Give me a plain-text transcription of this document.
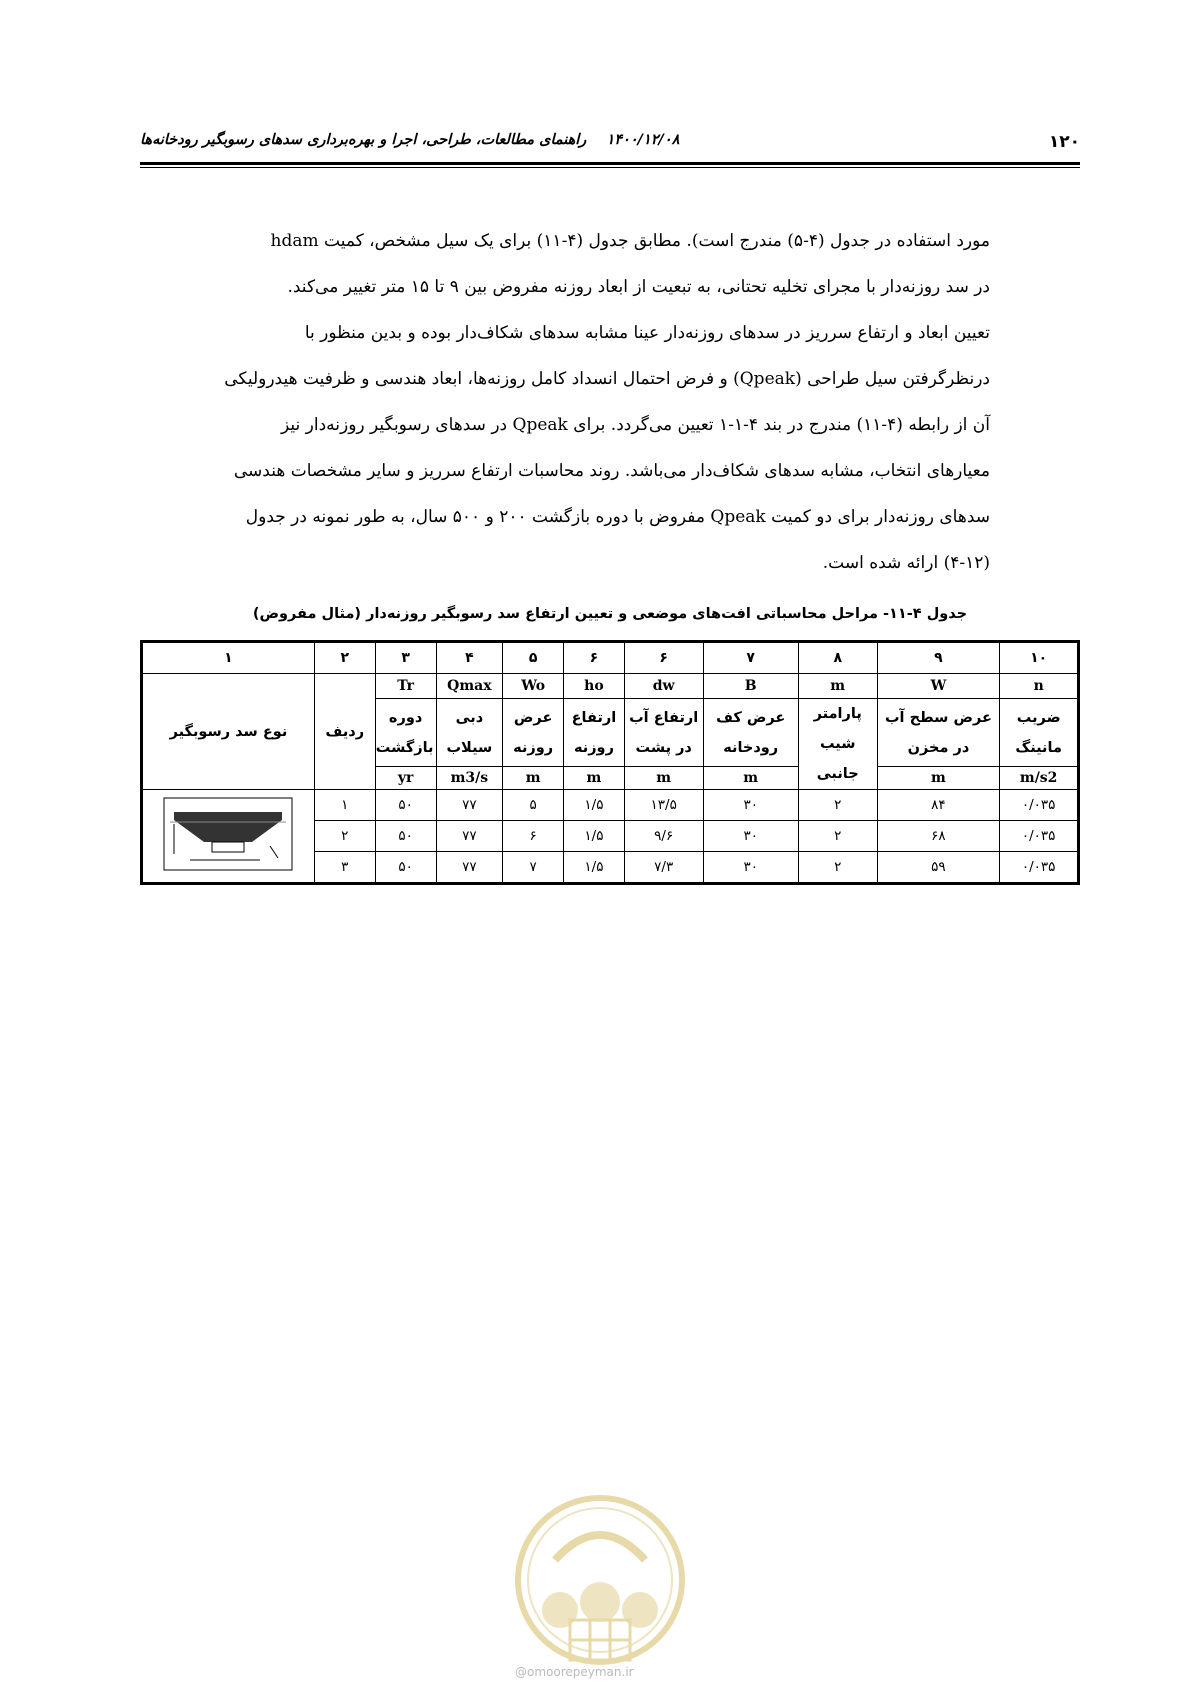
۱۲۰
۱۴۰۰/۱۲/۰۸    راهنمای مطالعات، طراحی، اجرا و بهره‌برداری سدهای رسوبگیر رودخانه‌ها

مورد استفاده در جدول (۴-۵) مندرج است). مطابق جدول (۴-۱۱) برای یک سیل مشخص، کمیت hdam

در سد روزنه‌دار با مجرای تخلیه تحتانی، به تبعیت از ابعاد روزنه مفروض بین ۹ تا ۱۵ متر تغییر می‌کند.

تعیین ابعاد و ارتفاع سرریز در سدهای روزنه‌دار عینا مشابه سدهای شکاف‌دار بوده و بدین منظور با

درنظرگرفتن سیل طراحی (Qpeak) و فرض احتمال انسداد کامل روزنه‌ها، ابعاد هندسی و ظرفیت هیدرولیکی

آن از رابطه (۴-۱۱) مندرج در بند ۴-۱-۱ تعیین می‌گردد. برای Qpeak در سدهای رسوبگیر روزنه‌دار نیز

معیارهای انتخاب، مشابه سدهای شکاف‌دار می‌باشد. روند محاسبات ارتفاع سرریز و سایر مشخصات هندسی

سدهای روزنه‌دار برای دو کمیت Qpeak مفروض با دوره بازگشت ۲۰۰ و ۵۰۰ سال، به طور نمونه در جدول

(۴-۱۲) ارائه شده است.

جدول ۴-۱۱- مراحل محاسباتی افت‌های موضعی و تعیین ارتفاع سد رسوبگیر روزنه‌دار (مثال مفروض)
۱۰	۹	۸	۷	۶	۶	۵	۴	۳	۲	۱
n	W	m	B	dw	ho	Wo	Qmax	Tr	ردیف	نوع سد رسوبگیر
ضریب مانینگ	عرض سطح آب در مخزن	پارامتر شیب جانبی	عرض کف رودخانه	ارتفاع آب در پشت	ارتفاع روزنه	عرض روزنه	دبی سیلاب	دوره بازگشت		
m/s2	m		m	m	m	m	m3/s	yr		
۰/۰۳۵	۸۴	۲	۳۰	۱۳/۵	۱/۵	۵	۷۷	۵۰	۱	
۰/۰۳۵	۶۸	۲	۳۰	۹/۶	۱/۵	۶	۷۷	۵۰	۲	
۰/۰۳۵	۵۹	۲	۳۰	۷/۳	۱/۵	۷	۷۷	۵۰	۳	
@omoorepeyman.ir
